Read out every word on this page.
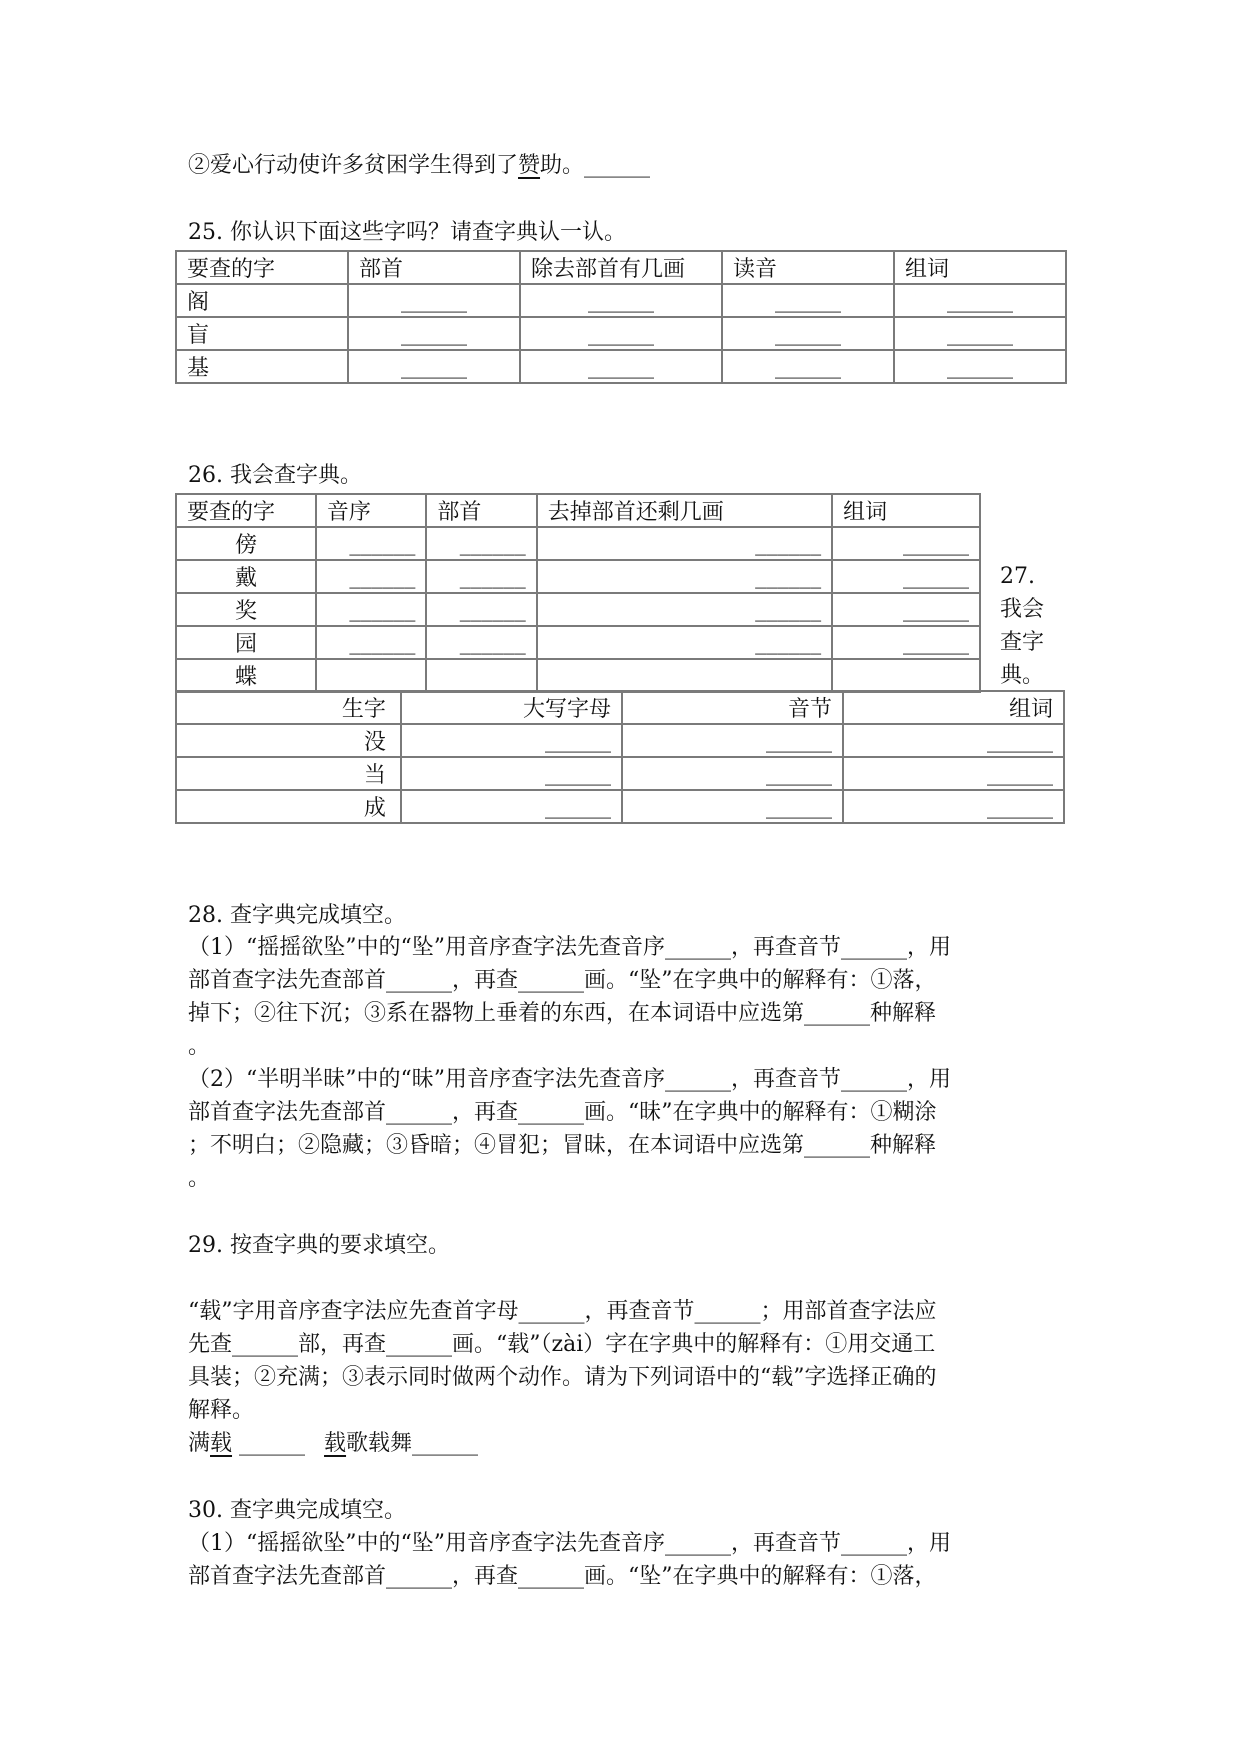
②爱心行动使许多贫困学生得到了赞助。______
25. 你认识下面这些字吗？请查字典认一认。
要查的字	部首	除去部首有几画	读音	组词
阁	______	______	______	______
盲	______	______	______	______
基	______	______	______	______
26. 我会查字典。
要查的字	音序	部首	去掉部首还剩几画	组词
傍	______	______	______	______
戴	______	______	______	______
奖	______	______	______	______
园	______	______	______	______
蝶				
27. 我会查字典。
生字	大写字母	音节	组词
没	______	______	______
当	______	______	______
成	______	______	______
28. 查字典完成填空。
（1）“摇摇欲坠”中的“坠”用音序查字法先查音序______，再查音节______，用
部首查字法先查部首______，再查______画。“坠”在字典中的解释有：①落，
掉下；②往下沉；③系在器物上垂着的东西，在本词语中应选第______种解释
。
（2）“半明半昧”中的“昧”用音序查字法先查音序______，再查音节______，用
部首查字法先查部首______，再查______画。“昧”在字典中的解释有：①糊涂
；不明白；②隐藏；③昏暗；④冒犯；冒昧，在本词语中应选第______种解释
。
29. 按查字典的要求填空。
“载”字用音序查字法应先查首字母______，再查音节______；用部首查字法应
先查______部，再查______画。“载”（zài）字在字典中的解释有：①用交通工
具装；②充满；③表示同时做两个动作。请为下列词语中的“载”字选择正确的
解释。
满载 ______ 载歌载舞______
30. 查字典完成填空。
（1）“摇摇欲坠”中的“坠”用音序查字法先查音序______，再查音节______，用
部首查字法先查部首______，再查______画。“坠”在字典中的解释有：①落，
